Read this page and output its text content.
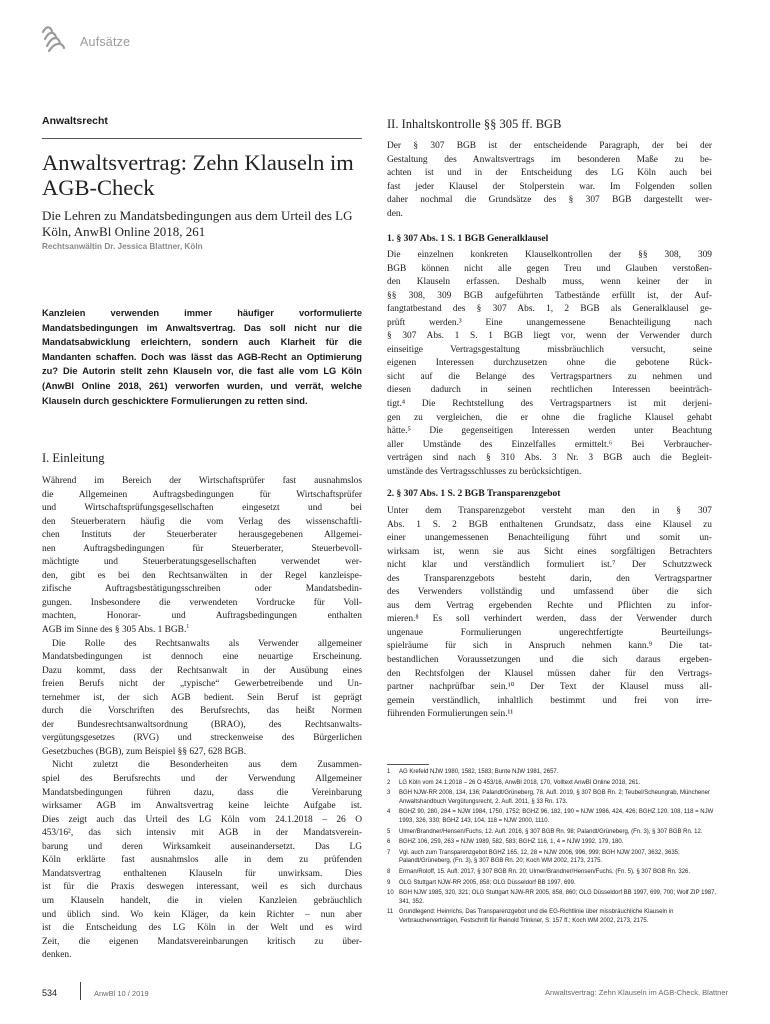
Aufsätze
Anwaltsrecht
Anwaltsvertrag: Zehn Klauseln im AGB-Check
Die Lehren zu Mandatsbedingungen aus dem Urteil des LG Köln, AnwBl Online 2018, 261
Rechtsanwältin Dr. Jessica Blattner, Köln

Kanzleien verwenden immer häufiger vorformulierte Mandatsbedingungen im Anwaltsvertrag. Das soll nicht nur die Mandatsabwicklung erleichtern, sondern auch Klarheit für die Mandanten schaffen. Doch was lässt das AGB-Recht an Optimierung zu? Die Autorin stellt zehn Klauseln vor, die fast alle vom LG Köln (AnwBl Online 2018, 261) verworfen wurden, und verrät, welche Klauseln durch geschicktere Formulierungen zu retten sind.

I. Einleitung

Während im Bereich der Wirtschaftsprüfer fast ausnahmslos
die Allgemeinen Auftragsbedingungen für Wirtschaftsprüfer
und Wirtschaftsprüfungsgesellschaften eingesetzt und bei
den Steuerberatern häufig die vom Verlag des wissenschaftli-
chen Instituts der Steuerberater herausgegebenen Allgemei-
nen Auftragsbedingungen für Steuerberater, Steuerbevoll-
mächtigte und Steuerberatungsgesellschaften verwendet wer-
den, gibt es bei den Rechtsanwälten in der Regel kanzleispe-
zifische Auftragsbestätigungsschreiben oder Mandatsbedin-
gungen. Insbesondere die verwendeten Vordrucke für Voll-
machten, Honorar- und Auftragsbedingungen enthalten
AGB im Sinne des § 305 Abs. 1 BGB.$^1$

Die Rolle des Rechtsanwalts als Verwender allgemeiner
Mandatsbedingungen ist dennoch eine neuartige Erscheinung.
Dazu kommt, dass der Rechtsanwalt in der Ausübung eines
freien Berufs nicht der „typische“ Gewerbetreibende und Un-
ternehmer ist, der sich AGB bedient. Sein Beruf ist geprägt
durch die Vorschriften des Berufsrechts, das heißt Normen
der Bundesrechtsanwaltsordnung (BRAO), des Rechtsanwalts-
vergütungsgesetzes (RVG) und streckenweise des Bürgerlichen
Gesetzbuches (BGB), zum Beispiel §§ 627, 628 BGB.

Nicht zuletzt die Besonderheiten aus dem Zusammen-
spiel des Berufsrechts und der Verwendung Allgemeiner
Mandatsbedingungen führen dazu, dass die Vereinbarung
wirksamer AGB im Anwaltsvertrag keine leichte Aufgabe ist.
Dies zeigt auch das Urteil des LG Köln vom 24.1.2018 – 26 O
453/16², das sich intensiv mit AGB in der Mandatsverein-
barung und deren Wirksamkeit auseinandersetzt. Das LG
Köln erklärte fast ausnahmslos alle in dem zu prüfenden
Mandatsvertrag enthaltenen Klauseln für unwirksam. Dies
ist für die Praxis deswegen interessant, weil es sich durchaus
um Klauseln handelt, die in vielen Kanzleien gebräuchlich
und üblich sind. Wo kein Kläger, da kein Richter – nun aber
ist die Entscheidung des LG Köln in der Welt und es wird
Zeit, die eigenen Mandatsvereinbarungen kritisch zu über-
denken.

II. Inhaltskontrolle §§ 305 ff. BGB

Der § 307 BGB ist der entscheidende Paragraph, der bei der
Gestaltung des Anwaltsvertrags im besonderen Maße zu be-
achten ist und in der Entscheidung des LG Köln auch bei
fast jeder Klausel der Stolperstein war. Im Folgenden sollen
daher nochmal die Grundsätze des § 307 BGB dargestellt wer-
den.

1. § 307 Abs. 1 S. 1 BGB Generalklausel

Die einzelnen konkreten Klauselkontrollen der §§ 308, 309
BGB können nicht alle gegen Treu und Glauben verstoßen-
den Klauseln erfassen. Deshalb muss, wenn keiner der in
§§ 308, 309 BGB aufgeführten Tatbestände erfüllt ist, der Auf-
fangtatbestand des § 307 Abs. 1, 2 BGB als Generalklausel ge-
prüft werden.³ Eine unangemessene Benachteiligung nach
§ 307 Abs. 1 S. 1 BGB liegt vor, wenn der Verwender durch
einseitige Vertragsgestaltung missbräuchlich versucht, seine
eigenen Interessen durchzusetzen ohne die gebotene Rück-
sicht auf die Belange des Vertragspartners zu nehmen und
diesen dadurch in seinen rechtlichen Interessen beeinträch-
tigt.⁴ Die Rechtstellung des Vertragspartners ist mit derjeni-
gen zu vergleichen, die er ohne die fragliche Klausel gehabt
hätte.⁵ Die gegenseitigen Interessen werden unter Beachtung
aller Umstände des Einzelfalles ermittelt.⁶ Bei Verbraucher-
verträgen sind nach § 310 Abs. 3 Nr. 3 BGB auch die Begleit-
umstände des Vertragsschlusses zu berücksichtigen.

2. § 307 Abs. 1 S. 2 BGB Transparenzgebot

Unter dem Transparenzgebot versteht man den in § 307
Abs. 1 S. 2 BGB enthaltenen Grundsatz, dass eine Klausel zu
einer unangemessenen Benachteiligung führt und somit un-
wirksam ist, wenn sie aus Sicht eines sorgfältigen Betrachters
nicht klar und verständlich formuliert ist.⁷ Der Schutzzweck
des Transparenzgebots besteht darin, den Vertragspartner
des Verwenders vollständig und umfassend über die sich
aus dem Vertrag ergebenden Rechte und Pflichten zu infor-
mieren.⁸ Es soll verhindert werden, dass der Verwender durch
ungenaue Formulierungen ungerechtfertigte Beurteilungs-
spielräume für sich in Anspruch nehmen kann.⁹ Die tat-
bestandlichen Voraussetzungen und die sich daraus ergeben-
den Rechtsfolgen der Klausel müssen daher für den Vertrags-
partner nachprüfbar sein.¹⁰ Der Text der Klausel muss all-
gemein verständlich, inhaltlich bestimmt und frei von irre-
führenden Formulierungen sein.¹¹

1	AG Krefeld NJW 1980, 1582, 1583; Bunte NJW 1981, 2657.
2	LG Köln vom 24.1.2018 – 26 O 453/16, AnwBl 2018, 170, Volltext AnwBl Online 2018, 261.
3	BGH NJW-RR 2008, 134, 136; Palandt/Grüneberg, 78. Aufl. 2019, § 307 BGB Rn. 2; Teubel/Scheungrab, Münchener Anwaltshandbuch Vergütungsrecht, 2. Aufl. 2011, § 33 Rn. 173.
4	BGHZ 90, 280, 284 = NJW 1984, 1750, 1752; BGHZ 96, 182, 190 = NJW 1986, 424, 426; BGHZ 120, 108, 118 = NJW 1993, 326, 330; BGHZ 143, 104, 118 = NJW 2000, 1110.
5	Ulmer/Brandner/Hensen/Fuchs, 12. Aufl. 2016, § 307 BGB Rn. 98; Palandt/Grüneberg, (Fn. 3), § 307 BGB Rn. 12.
6	BGHZ 106, 259, 263 = NJW 1989, 582, 583; BGHZ 116, 1, 4 = NJW 1992, 179, 180.
7	Vgl. auch zum Transparenzgebot BGHZ 165, 12, 28 = NJW 2006, 996, 999; BGH NJW 2007, 3632, 3635; Palandt/Grüneberg, (Fn. 3), § 307 BGB Rn. 20; Koch WM 2002, 2173, 2175.
8	Erman/Roloff, 15. Aufl. 2017, § 307 BGB Rn. 20; Ulmer/Brandner/Hensen/Fuchs, (Fn. 5), § 307 BGB Rn. 326.
9	OLG Stuttgart NJW-RR 2005, 858; OLG Düsseldorf BB 1997, 699.
10 BGH NJW 1985, 320, 321; OLG Stuttgart NJW-RR 2005, 858, 860; OLG Düsseldorf BB 1997, 699, 700; Wolf ZIP 1987, 341, 352.
11 Grundlegend: Heinrichs, Das Transparenzgebot und die EG-Richtlinie über missbräuchliche Klauseln in Verbraucherverträgen, Festschrift für Reinold Trinkner, S. 157 ff.; Koch WM 2002, 2173, 2175.
534	AnwBl 10 / 2019	Anwaltsvertrag: Zehn Klauseln im AGB-Check, Blattner
